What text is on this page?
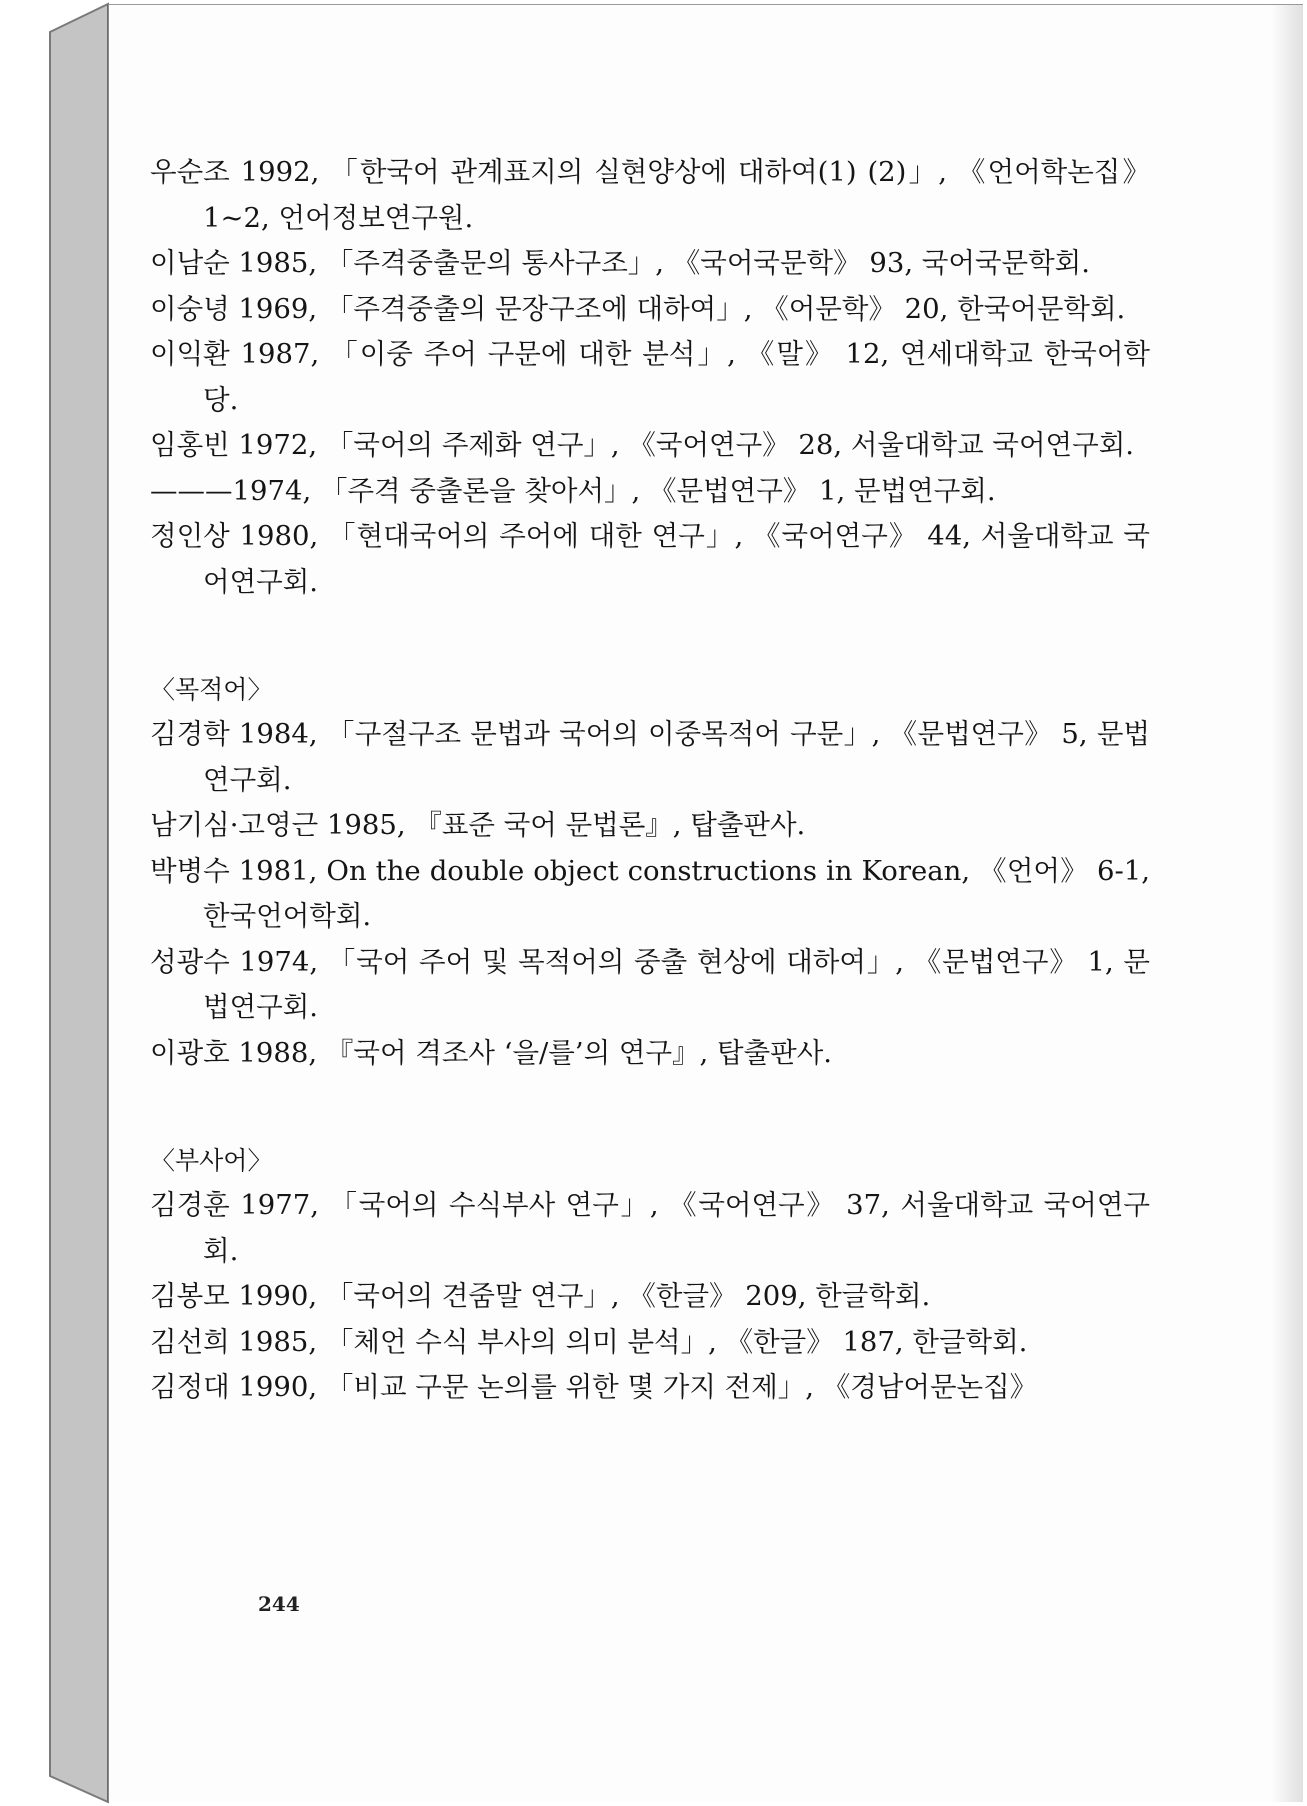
우순조 1992, 「한국어 관계표지의 실현양상에 대하여(1) (2)」, 《언어학논집》 1~2, 언어정보연구원.

이남순 1985, 「주격중출문의 통사구조」, 《국어국문학》 93, 국어국문학회.

이숭녕 1969, 「주격중출의 문장구조에 대하여」, 《어문학》 20, 한국어문학회.

이익환 1987, 「이중 주어 구문에 대한 분석」, 《말》 12, 연세대학교 한국어학당.

임홍빈 1972, 「국어의 주제화 연구」, 《국어연구》 28, 서울대학교 국어연구회.

———1974, 「주격 중출론을 찾아서」, 《문법연구》 1, 문법연구회.

정인상 1980, 「현대국어의 주어에 대한 연구」, 《국어연구》 44, 서울대학교 국어연구회.

〈목적어〉

김경학 1984, 「구절구조 문법과 국어의 이중목적어 구문」, 《문법연구》 5, 문법연구회.

남기심·고영근 1985, 『표준 국어 문법론』, 탑출판사.

박병수 1981, On the double object constructions in Korean, 《언어》 6-1, 한국언어학회.

성광수 1974, 「국어 주어 및 목적어의 중출 현상에 대하여」, 《문법연구》 1, 문법연구회.

이광호 1988, 『국어 격조사 ‘을/를’의 연구』, 탑출판사.

〈부사어〉

김경훈 1977, 「국어의 수식부사 연구」, 《국어연구》 37, 서울대학교 국어연구회.

김봉모 1990, 「국어의 견줌말 연구」, 《한글》 209, 한글학회.

김선희 1985, 「체언 수식 부사의 의미 분석」, 《한글》 187, 한글학회.

김정대 1990, 「비교 구문 논의를 위한 몇 가지 전제」, 《경남어문논집》

244
